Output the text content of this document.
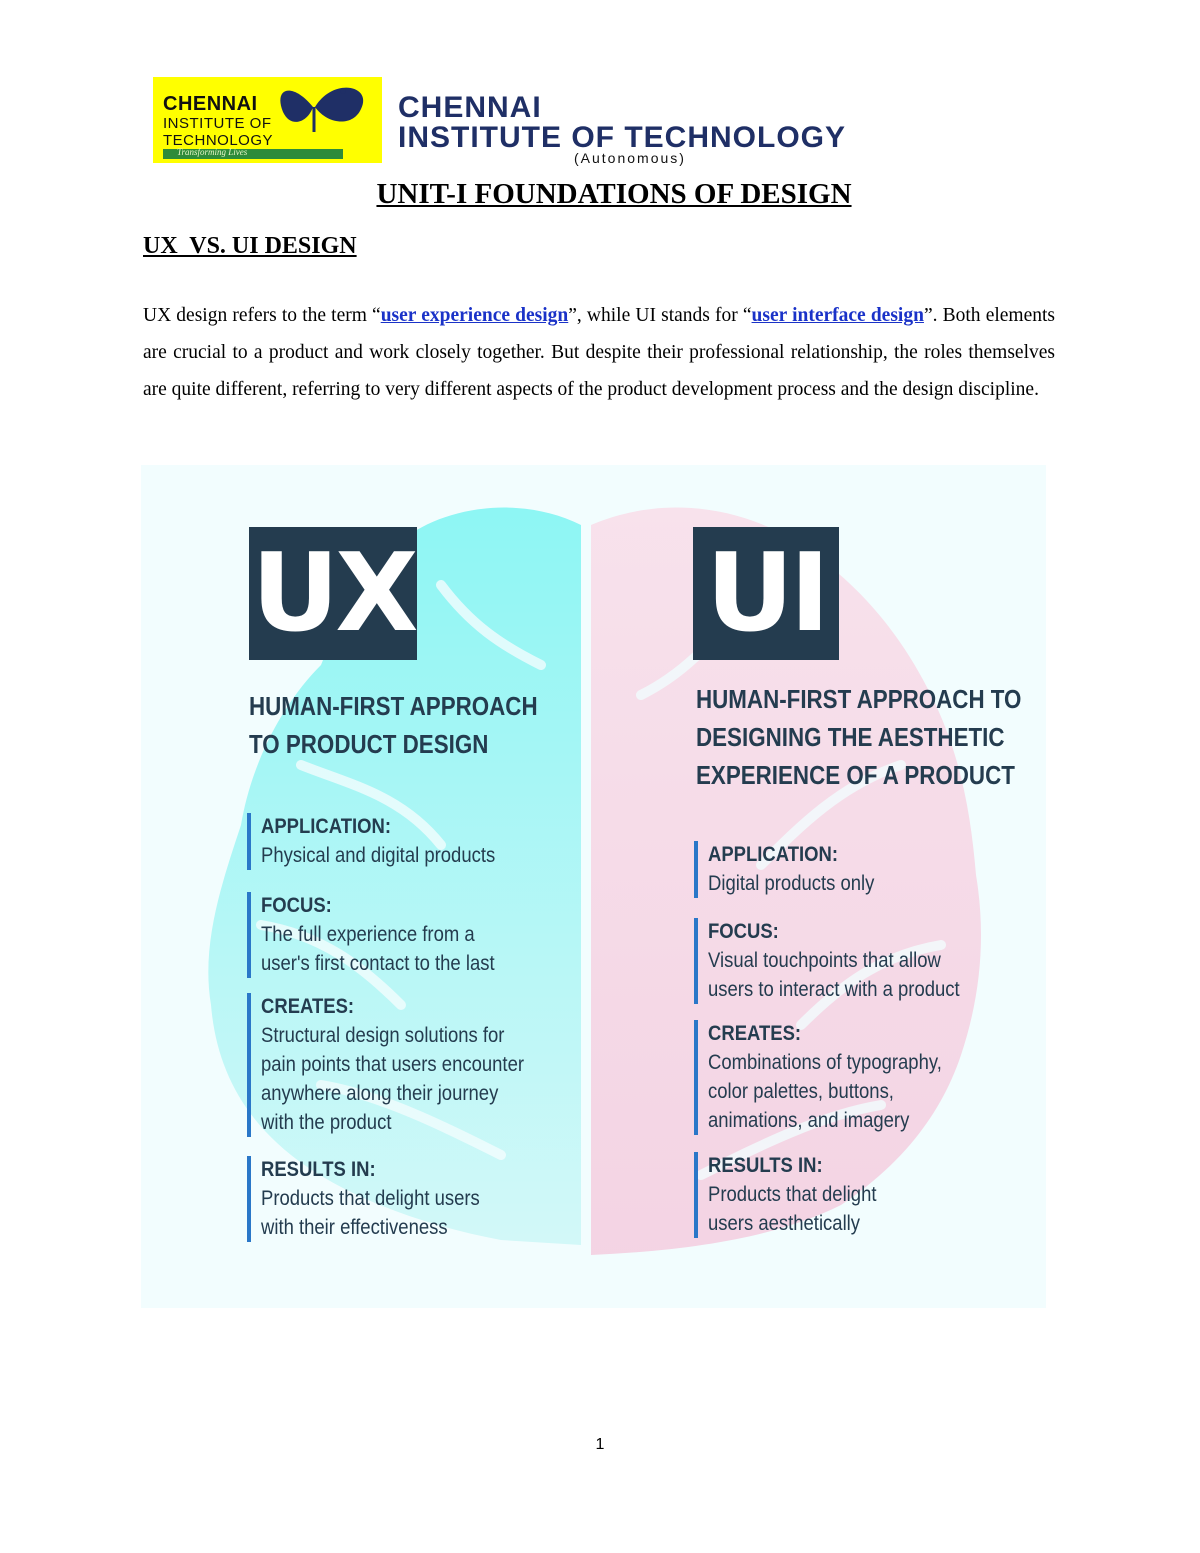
CHENNAI
INSTITUTE OF
TECHNOLOGY
Transforming Lives
CHENNAI
INSTITUTE OF TECHNOLOGY
(Autonomous)
UNIT-I FOUNDATIONS OF DESIGN
UX  VS. UI DESIGN

UX design refers to the term “user experience design”, while UI stands for “user interface design”. Both elements are crucial to a product and work closely together. But despite their professional relationship, the roles themselves are quite different, referring to very different aspects of the product development process and the design discipline.

UX	UI
HUMAN-FIRST APPROACH
TO PRODUCT DESIGN
HUMAN-FIRST APPROACH TO
DESIGNING THE AESTHETIC
EXPERIENCE OF A PRODUCT
APPLICATION:
Physical and digital products
FOCUS:
The full experience from a
user's first contact to the last
CREATES:
Structural design solutions for
pain points that users encounter
anywhere along their journey
with the product
RESULTS IN:
Products that delight users
with their effectiveness
APPLICATION:
Digital products only
FOCUS:
Visual touchpoints that allow
users to interact with a product
CREATES:
Combinations of typography,
color palettes, buttons,
animations, and imagery
RESULTS IN:
Products that delight
users aesthetically
1
